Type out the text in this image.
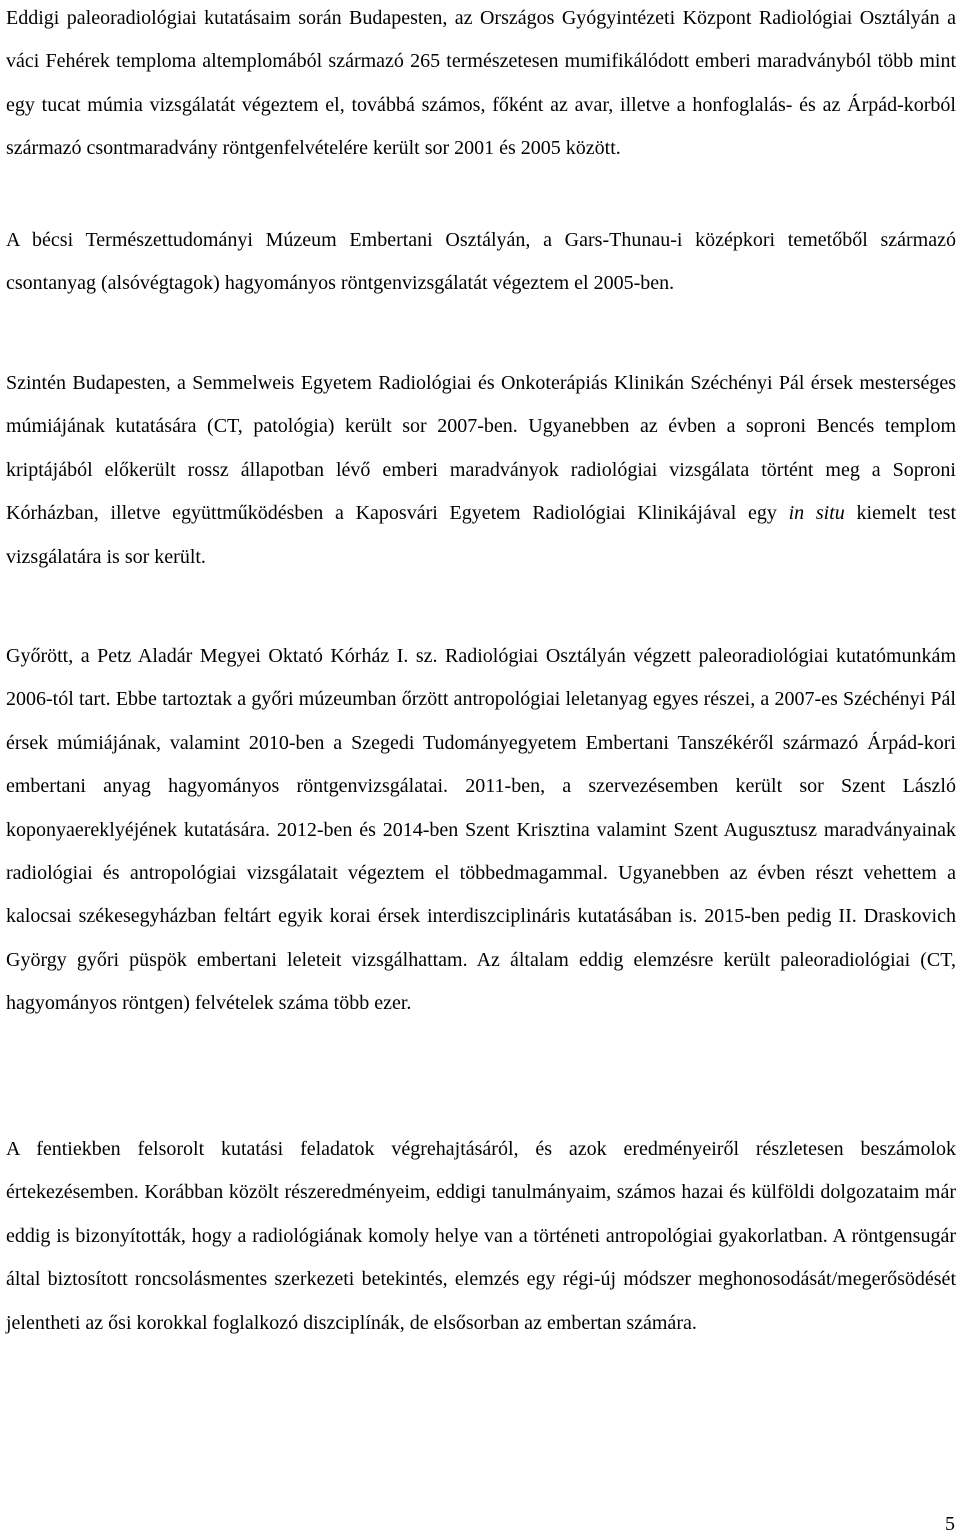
Eddigi paleoradiológiai kutatásaim során Budapesten, az Országos Gyógyintézeti Központ Radiológiai Osztályán a váci Fehérek temploma altemplomából származó 265 természetesen mumifikálódott emberi maradványból több mint egy tucat múmia vizsgálatát végeztem el, továbbá számos, főként az avar, illetve a honfoglalás- és az Árpád-korból származó csontmaradvány röntgenfelvételére került sor 2001 és 2005 között.

A bécsi Természettudományi Múzeum Embertani Osztályán, a Gars-Thunau-i középkori temetőből származó csontanyag (alsóvégtagok) hagyományos röntgenvizsgálatát végeztem el 2005-ben.

Szintén Budapesten, a Semmelweis Egyetem Radiológiai és Onkoterápiás Klinikán Széchényi Pál érsek mesterséges múmiájának kutatására (CT, patológia) került sor 2007-ben. Ugyanebben az évben a soproni Bencés templom kriptájából előkerült rossz állapotban lévő emberi maradványok radiológiai vizsgálata történt meg a Soproni Kórházban, illetve együttműködésben a Kaposvári Egyetem Radiológiai Klinikájával egy in situ kiemelt test vizsgálatára is sor került.

Győrött, a Petz Aladár Megyei Oktató Kórház I. sz. Radiológiai Osztályán végzett paleoradiológiai kutatómunkám 2006-tól tart. Ebbe tartoztak a győri múzeumban őrzött antropológiai leletanyag egyes részei, a 2007-es Széchényi Pál érsek múmiájának, valamint 2010-ben a Szegedi Tudományegyetem Embertani Tanszékéről származó Árpád-kori embertani anyag hagyományos röntgenvizsgálatai. 2011-ben, a szervezésemben került sor Szent László koponyaereklyéjének kutatására. 2012-ben és 2014-ben Szent Krisztina valamint Szent Augusztusz maradványainak radiológiai és antropológiai vizsgálatait végeztem el többedmagammal. Ugyanebben az évben részt vehettem a kalocsai székesegyházban feltárt egyik korai érsek interdiszciplináris kutatásában is. 2015-ben pedig II. Draskovich György győri püspök embertani leleteit vizsgálhattam. Az általam eddig elemzésre került paleoradiológiai (CT, hagyományos röntgen) felvételek száma több ezer.

A fentiekben felsorolt kutatási feladatok végrehajtásáról, és azok eredményeiről részletesen beszámolok értekezésemben. Korábban közölt részeredményeim, eddigi tanulmányaim, számos hazai és külföldi dolgozataim már eddig is bizonyították, hogy a radiológiának komoly helye van a történeti antropológiai gyakorlatban. A röntgensugár által biztosított roncsolásmentes szerkezeti betekintés, elemzés egy régi-új módszer meghonosodását/megerősödését jelentheti az ősi korokkal foglalkozó diszciplínák, de elsősorban az embertan számára.

5
